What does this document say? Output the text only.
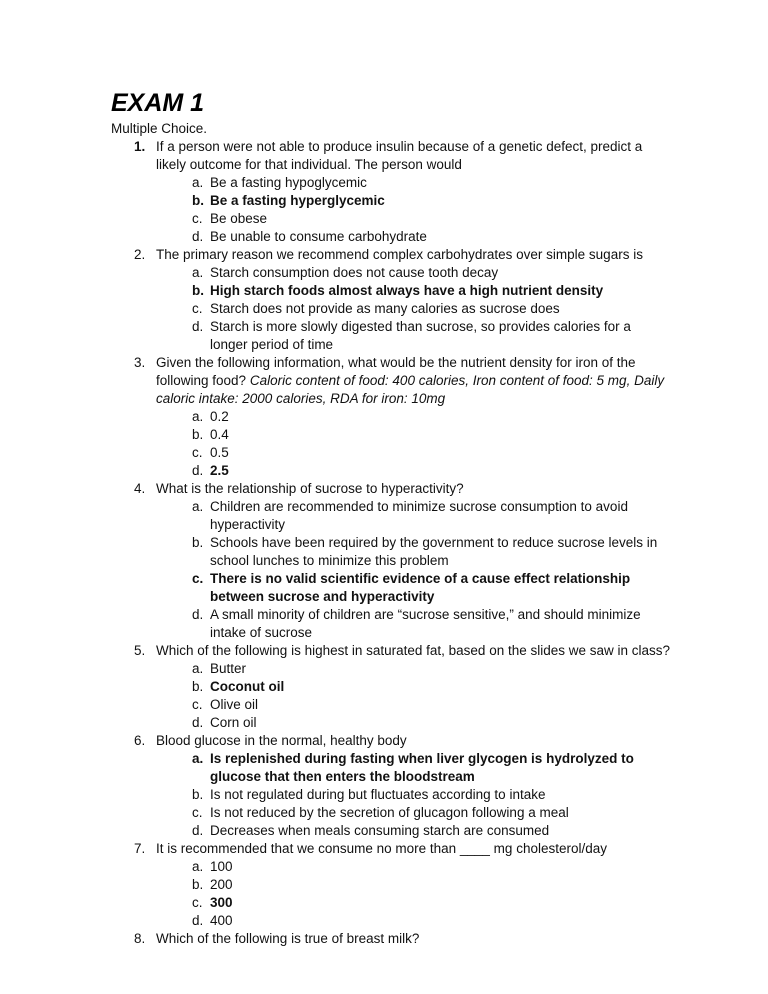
EXAM 1
Multiple Choice.
1. If a person were not able to produce insulin because of a genetic defect, predict a likely outcome for that individual. The person would
a. Be a fasting hypoglycemic
b. Be a fasting hyperglycemic
c. Be obese
d. Be unable to consume carbohydrate
2. The primary reason we recommend complex carbohydrates over simple sugars is
a. Starch consumption does not cause tooth decay
b. High starch foods almost always have a high nutrient density
c. Starch does not provide as many calories as sucrose does
d. Starch is more slowly digested than sucrose, so provides calories for a longer period of time
3. Given the following information, what would be the nutrient density for iron of the following food? Caloric content of food: 400 calories, Iron content of food: 5 mg, Daily caloric intake: 2000 calories, RDA for iron: 10mg
a. 0.2
b. 0.4
c. 0.5
d. 2.5
4. What is the relationship of sucrose to hyperactivity?
a. Children are recommended to minimize sucrose consumption to avoid hyperactivity
b. Schools have been required by the government to reduce sucrose levels in school lunches to minimize this problem
c. There is no valid scientific evidence of a cause effect relationship between sucrose and hyperactivity
d. A small minority of children are “sucrose sensitive,” and should minimize intake of sucrose
5. Which of the following is highest in saturated fat, based on the slides we saw in class?
a. Butter
b. Coconut oil
c. Olive oil
d. Corn oil
6. Blood glucose in the normal, healthy body
a. Is replenished during fasting when liver glycogen is hydrolyzed to glucose that then enters the bloodstream
b. Is not regulated during but fluctuates according to intake
c. Is not reduced by the secretion of glucagon following a meal
d. Decreases when meals consuming starch are consumed
7. It is recommended that we consume no more than ____ mg cholesterol/day
a. 100
b. 200
c. 300
d. 400
8. Which of the following is true of breast milk?
